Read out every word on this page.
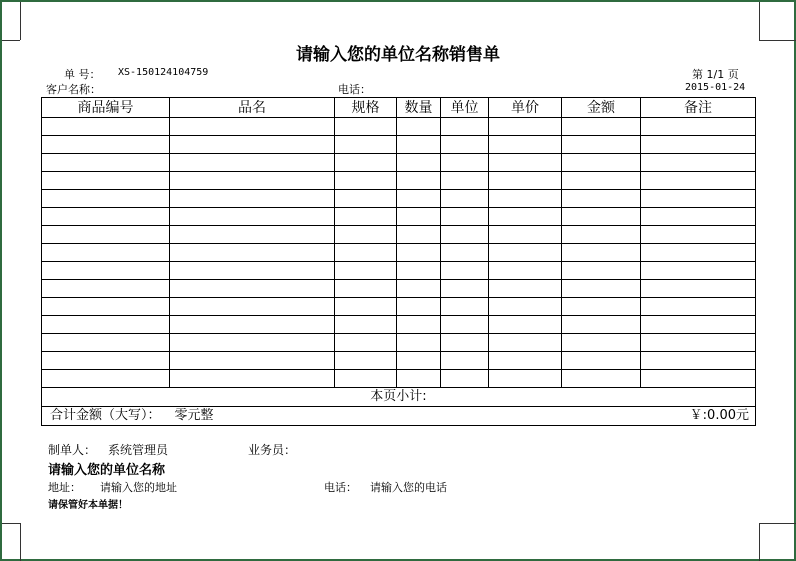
请输入您的单位名称销售单
单 号： XS-150124104759	第 1/1 页
客户名称：	电话：	2015-01-24
商品编号	品名	规格	数量	单位	单价	金额	备注

本页小计:							

合计金额（大写）： 零元整 ￥:0.00元							
制单人： 系统管理员	业务员：
请输入您的单位名称
地址： 请输入您的地址	电话： 请输入您的电话
请保管好本单据！
